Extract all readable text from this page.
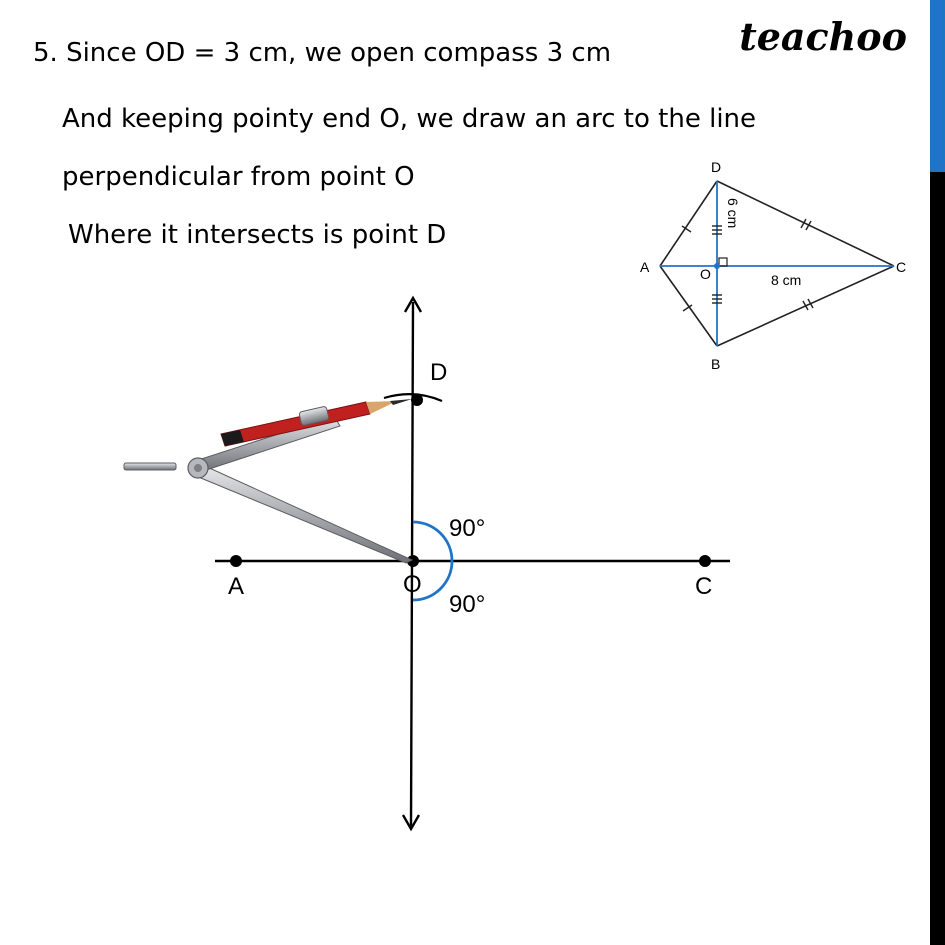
5. Since OD = 3 cm, we open compass 3 cm
And keeping pointy end O, we draw an arc to the line
perpendicular from point O
Where it intersects is point D
teachoo
D
A	O	C
B
6 cm
8 cm
A	O	C
D
90°
90°
